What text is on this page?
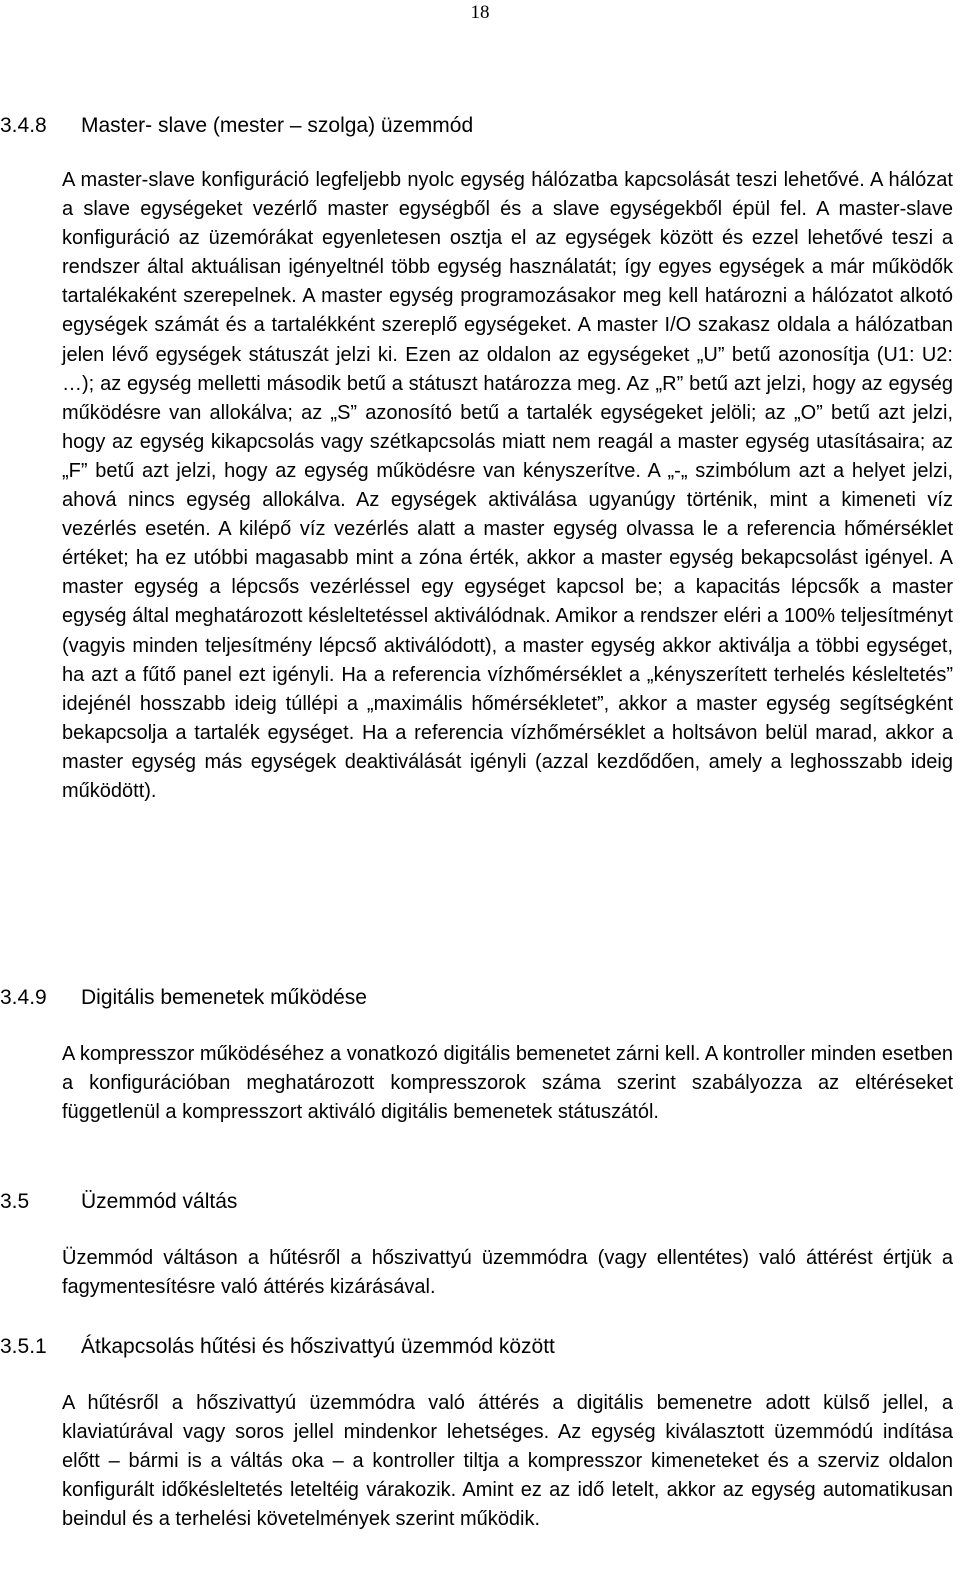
18
3.4.8 Master- slave (mester – szolga) üzemmód

A master-slave konfiguráció legfeljebb nyolc egység hálózatba kapcsolását teszi lehetővé. A hálózat a slave egységeket vezérlő master egységből és a slave egységekből épül fel. A master-slave konfiguráció az üzemórákat egyenletesen osztja el az egységek között és ezzel lehetővé teszi a rendszer által aktuálisan igényeltnél több egység használatát; így egyes egységek a már működők tartalékaként szerepelnek. A master egység programozásakor meg kell határozni a hálózatot alkotó egységek számát és a tartalékként szereplő egységeket. A master I/O szakasz oldala a hálózatban jelen lévő egységek státuszát jelzi ki. Ezen az oldalon az egységeket „U” betű azonosítja (U1: U2: …); az egység melletti második betű a státuszt határozza meg. Az „R” betű azt jelzi, hogy az egység működésre van allokálva; az „S” azonosító betű a tartalék egységeket jelöli; az „O” betű azt jelzi, hogy az egység kikapcsolás vagy szétkapcsolás miatt nem reagál a master egység utasításaira; az „F” betű azt jelzi, hogy az egység működésre van kényszerítve. A „-„ szimbólum azt a helyet jelzi, ahová nincs egység allokálva. Az egységek aktiválása ugyanúgy történik, mint a kimeneti víz vezérlés esetén. A kilépő víz vezérlés alatt a master egység olvassa le a referencia hőmérséklet értéket; ha ez utóbbi magasabb mint a zóna érték, akkor a master egység bekapcsolást igényel. A master egység a lépcsős vezérléssel egy egységet kapcsol be; a kapacitás lépcsők a master egység által meghatározott késleltetéssel aktiválódnak. Amikor a rendszer eléri a 100% teljesítményt (vagyis minden teljesítmény lépcső aktiválódott), a master egység akkor aktiválja a többi egységet, ha azt a fűtő panel ezt igényli. Ha a referencia vízhőmérséklet a „kényszerített terhelés késleltetés” idejénél hosszabb ideig túllépi a „maximális hőmérsékletet”, akkor a master egység segítségként bekapcsolja a tartalék egységet. Ha a referencia vízhőmérséklet a holtsávon belül marad, akkor a master egység más egységek deaktiválását igényli (azzal kezdődően, amely a leghosszabb ideig működött).

3.4.9 Digitális bemenetek működése

A kompresszor működéséhez a vonatkozó digitális bemenetet zárni kell. A kontroller minden esetben a konfigurációban meghatározott kompresszorok száma szerint szabályozza az eltéréseket függetlenül a kompresszort aktiváló digitális bemenetek státuszától.

3.5 Üzemmód váltás

Üzemmód váltáson a hűtésről a hőszivattyú üzemmódra (vagy ellentétes) való áttérést értjük a fagymentesítésre való áttérés kizárásával.

3.5.1 Átkapcsolás hűtési és hőszivattyú üzemmód között

A hűtésről a hőszivattyú üzemmódra való áttérés a digitális bemenetre adott külső jellel, a klaviatúrával vagy soros jellel mindenkor lehetséges. Az egység kiválasztott üzemmódú indítása előtt – bármi is a váltás oka – a kontroller tiltja a kompresszor kimeneteket és a szerviz oldalon konfigurált időkésleltetés leteltéig várakozik. Amint ez az idő letelt, akkor az egység automatikusan beindul és a terhelési követelmények szerint működik.
